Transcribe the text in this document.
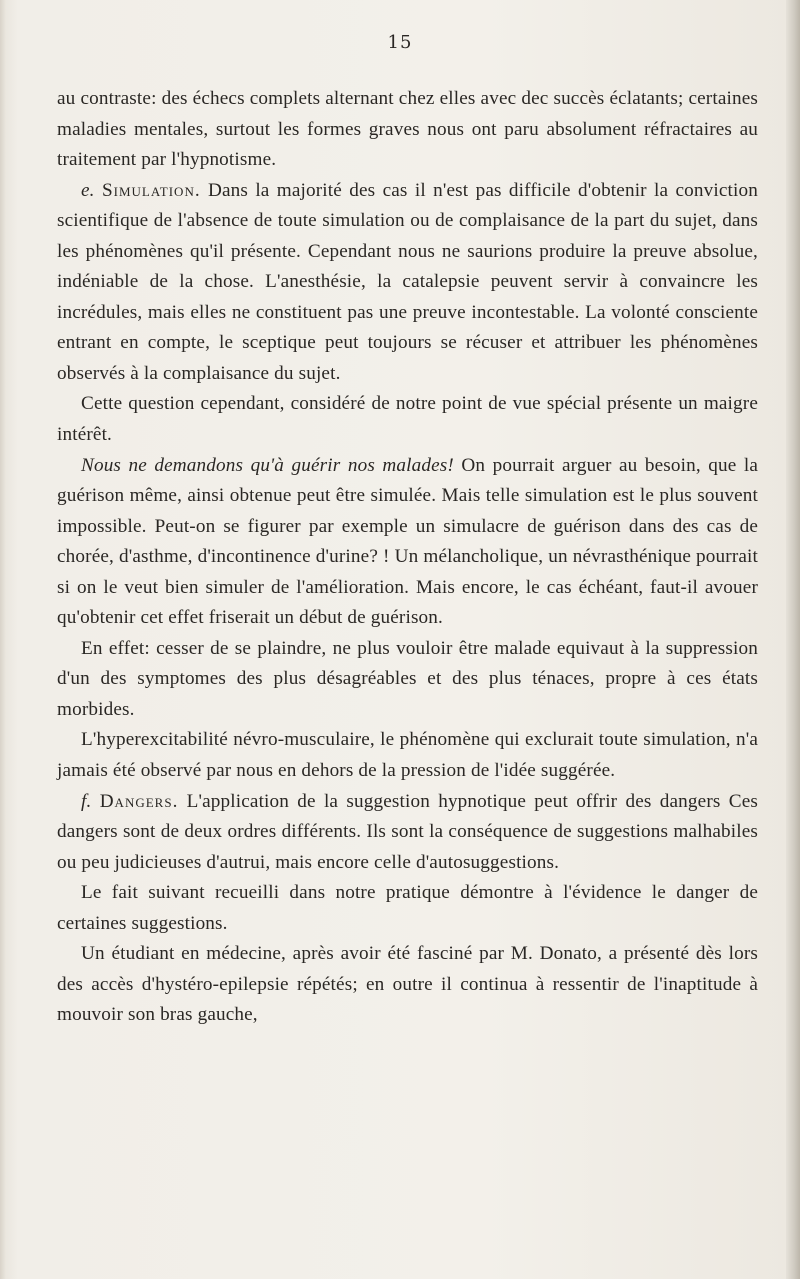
15

au contraste: des échecs complets alternant chez elles avec dec succès éclatants; certaines maladies mentales, surtout les formes graves nous ont paru absolument réfractaires au traitement par l'hypnotisme.

e. Simulation. Dans la majorité des cas il n'est pas difficile d'obtenir la conviction scientifique de l'absence de toute simulation ou de complaisance de la part du sujet, dans les phénomènes qu'il présente. Cependant nous ne saurions produire la preuve absolue, indéniable de la chose. L'anesthésie, la catalepsie peuvent servir à convaincre les incrédules, mais elles ne constituent pas une preuve incontestable. La volonté consciente entrant en compte, le sceptique peut toujours se récuser et attribuer les phénomènes observés à la complaisance du sujet.

Cette question cependant, considéré de notre point de vue spécial présente un maigre intérêt.

Nous ne demandons qu'à guérir nos malades! On pourrait arguer au besoin, que la guérison même, ainsi obtenue peut être simulée. Mais telle simulation est le plus souvent impossible. Peut-on se figurer par exemple un simulacre de guérison dans des cas de chorée, d'asthme, d'incontinence d'urine? ! Un mélancholique, un névrasthénique pourrait si on le veut bien simuler de l'amélioration. Mais encore, le cas échéant, faut-il avouer qu'obtenir cet effet friserait un début de guérison.

En effet: cesser de se plaindre, ne plus vouloir être malade equivaut à la suppression d'un des symptomes des plus désagréables et des plus ténaces, propre à ces états morbides.

L'hyperexcitabilité névro-musculaire, le phénomène qui exclurait toute simulation, n'a jamais été observé par nous en dehors de la pression de l'idée suggérée.

f. Dangers. L'application de la suggestion hypnotique peut offrir des dangers Ces dangers sont de deux ordres différents. Ils sont la conséquence de suggestions malhabiles ou peu judicieuses d'autrui, mais encore celle d'autosuggestions.

Le fait suivant recueilli dans notre pratique démontre à l'évidence le danger de certaines suggestions.

Un étudiant en médecine, après avoir été fasciné par M. Donato, a présenté dès lors des accès d'hystéro-epilepsie répétés; en outre il continua à ressentir de l'inaptitude à mouvoir son bras gauche,
